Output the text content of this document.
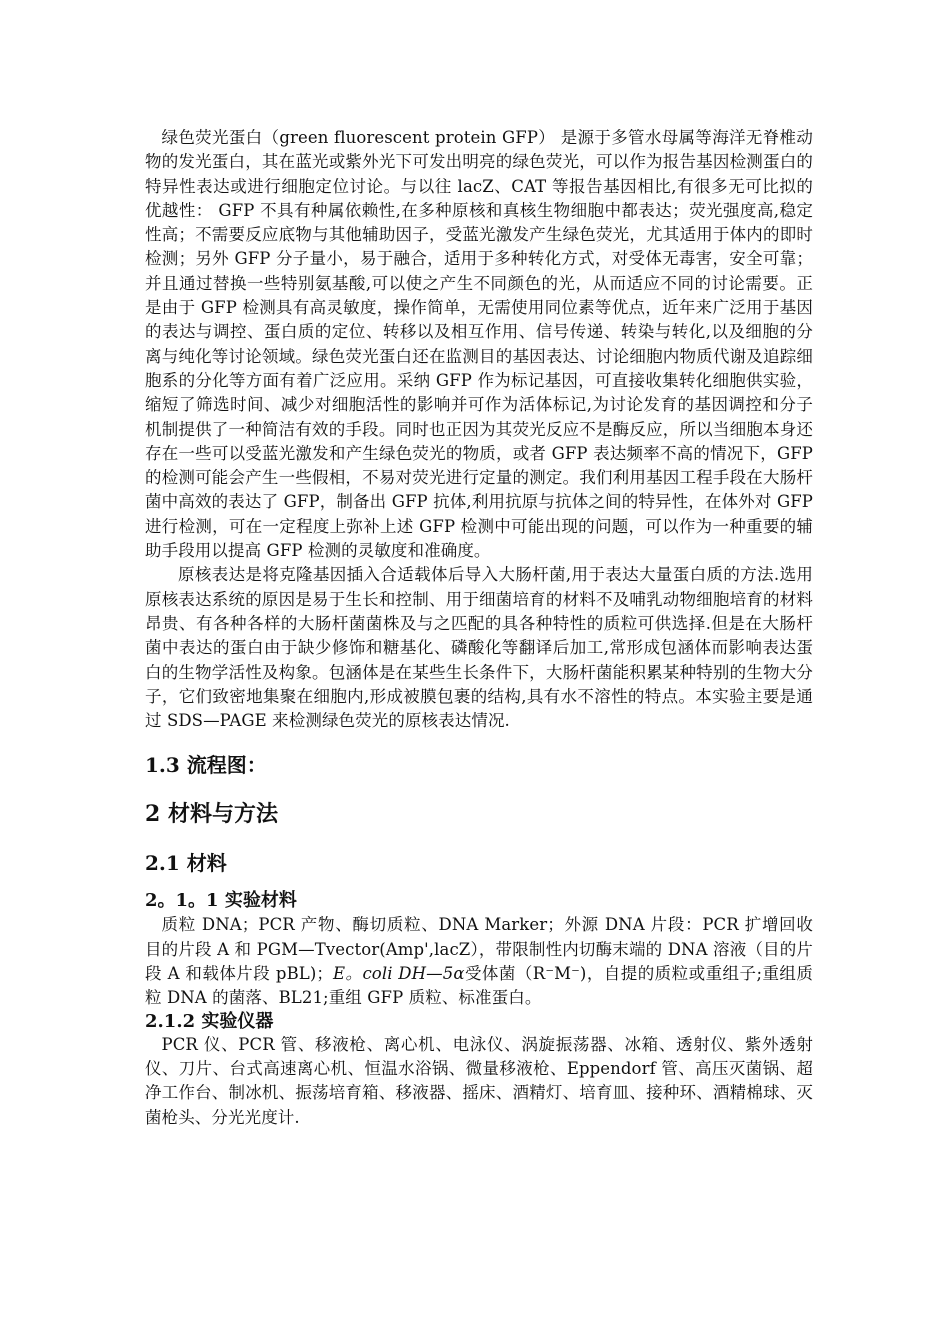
绿色荧光蛋白（green fluorescent protein GFP） 是源于多管水母属等海洋无脊椎动物的发光蛋白，其在蓝光或紫外光下可发出明亮的绿色荧光，可以作为报告基因检测蛋白的特异性表达或进行细胞定位讨论。与以往 lacZ、CAT 等报告基因相比,有很多无可比拟的优越性： GFP 不具有种属依赖性,在多种原核和真核生物细胞中都表达；荧光强度高,稳定性高；不需要反应底物与其他辅助因子，受蓝光激发产生绿色荧光，尤其适用于体内的即时检测；另外 GFP 分子量小，易于融合，适用于多种转化方式，对受体无毒害，安全可靠；并且通过替换一些特别氨基酸,可以使之产生不同颜色的光，从而适应不同的讨论需要。正是由于 GFP 检测具有高灵敏度，操作简单，无需使用同位素等优点，近年来广泛用于基因的表达与调控、蛋白质的定位、转移以及相互作用、信号传递、转染与转化,以及细胞的分离与纯化等讨论领域。绿色荧光蛋白还在监测目的基因表达、讨论细胞内物质代谢及追踪细胞系的分化等方面有着广泛应用。采纳 GFP 作为标记基因，可直接收集转化细胞供实验，缩短了筛选时间、减少对细胞活性的影响并可作为活体标记,为讨论发育的基因调控和分子机制提供了一种简洁有效的手段。同时也正因为其荧光反应不是酶反应，所以当细胞本身还存在一些可以受蓝光激发和产生绿色荧光的物质，或者 GFP 表达频率不高的情况下，GFP 的检测可能会产生一些假相，不易对荧光进行定量的测定。我们利用基因工程手段在大肠杆菌中高效的表达了 GFP，制备出 GFP 抗体,利用抗原与抗体之间的特异性，在体外对 GFP 进行检测，可在一定程度上弥补上述 GFP 检测中可能出现的问题，可以作为一种重要的辅助手段用以提高 GFP 检测的灵敏度和准确度。

原核表达是将克隆基因插入合适载体后导入大肠杆菌,用于表达大量蛋白质的方法.选用原核表达系统的原因是易于生长和控制、用于细菌培育的材料不及哺乳动物细胞培育的材料昂贵、有各种各样的大肠杆菌菌株及与之匹配的具各种特性的质粒可供选择.但是在大肠杆菌中表达的蛋白由于缺少修饰和糖基化、磷酸化等翻译后加工,常形成包涵体而影响表达蛋白的生物学活性及构象。包涵体是在某些生长条件下，大肠杆菌能积累某种特别的生物大分子，它们致密地集聚在细胞内,形成被膜包裹的结构,具有水不溶性的特点。本实验主要是通过 SDS—PAGE 来检测绿色荧光的原核表达情况.

1.3 流程图：
2 材料与方法
2.1 材料
2。1。1 实验材料

质粒 DNA；PCR 产物、酶切质粒、DNA Marker；外源 DNA 片段：PCR 扩增回收目的片段 A 和 PGM—Tvector(Amp',lacZ），带限制性内切酶末端的 DNA 溶液（目的片段 A 和载体片段 pBL)；E。coli DH—5α受体菌（R⁻M⁻)，自提的质粒或重组子;重组质粒 DNA 的菌落、BL21;重组 GFP 质粒、标准蛋白。

2.1.2 实验仪器

PCR 仪、PCR 管、移液枪、离心机、电泳仪、涡旋振荡器、冰箱、透射仪、紫外透射仪、刀片、台式高速离心机、恒温水浴锅、微量移液枪、Eppendorf 管、高压灭菌锅、超净工作台、制冰机、振荡培育箱、移液器、摇床、酒精灯、培育皿、接种环、酒精棉球、灭菌枪头、分光光度计.
